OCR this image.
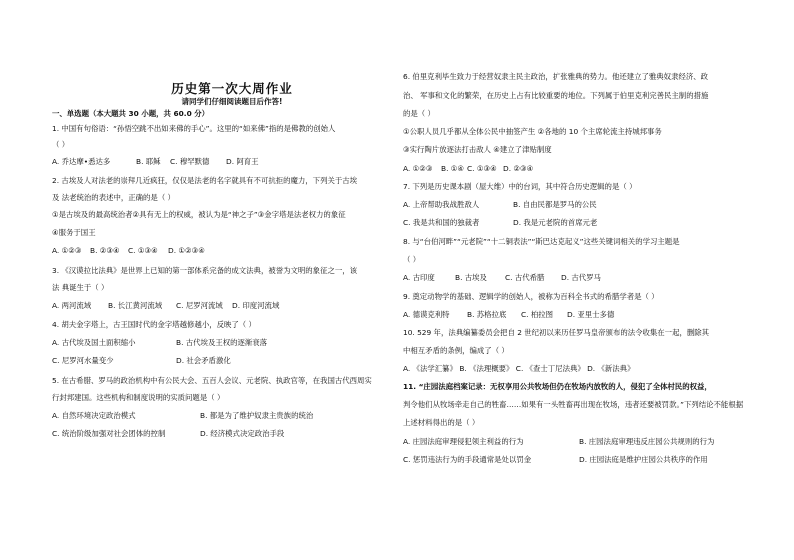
历史第一次大周作业
请同学们仔细阅读题目后作答!
一、单选题（本大题共 30 小题，共 60.0 分）
1. 中国有句俗语：“孙悟空跳不出如来佛的手心”。这里的“如来佛”指的是佛教的创始人
（ ）
A. 乔达摩•悉达多	B. 耶稣 C. 穆罕默德 D. 阿育王
2. 古埃及人对法老的崇拜几近疯狂，仅仅是法老的名字就具有不可抗拒的魔力，下列关于古埃
及 法老统治的表述中，正确的是（ ）
①是古埃及的最高统治者②具有无上的权威，被认为是“神之子”③金字塔是法老权力的象征
④服务于国王
A. ①②③ B. ②③④ C. ①③④ D. ①②③④
3. 《汉谟拉比法典》是世界上已知的第一部体系完备的成文法典，被誉为文明的象征之一，该
法 典诞生于（ ）
A. 两河流域 B. 长江黄河流域 C. 尼罗河流域 D. 印度河流域
4. 胡夫金字塔上，古王国时代的金字塔越修越小，反映了（ ）
A. 古代埃及国土面积缩小	B. 古代埃及王权的逐渐衰落
C. 尼罗河水量变少	D. 社会矛盾激化
5. 在古希腊、罗马的政治机构中有公民大会、五百人会议、元老院、执政官等，在我国古代西周实
行封邦建国。这些机构和制度说明的实质问题是（ ）
A. 自然环境决定政治模式	B. 都是为了维护奴隶主贵族的统治
C. 统治阶级加强对社会团体的控制	D. 经济模式决定政治手段
6. 伯里克利毕生致力于经营奴隶主民主政治，扩张雅典的势力。他还建立了雅典奴隶经济、政
治、 军事和文化的繁荣，在历史上占有比较重要的地位。下列属于伯里克利完善民主制的措施
的是（ ）
①公职人员几乎都从全体公民中抽签产生 ②各地的 10 个主席轮流主持城邦事务
③实行陶片放逐法打击敌人 ④建立了津贴制度
A. ①②③ B. ①④ C. ①③④ D. ②③④
7. 下列是历史课本剧（屋大维）中的台词，其中符合历史逻辑的是（ ）
A. 上帝帮助我战胜敌人	B. 自由民都是罗马的公民
C. 我是共和国的独裁者	D. 我是元老院的首席元老
8. 与“台伯河畔”“元老院”“十二铜表法”“斯巴达克起义”这些关键词相关的学习主题是
（ ）
A. 古印度	B. 古埃及 C. 古代希腊 D. 古代罗马
9. 奠定动物学的基础、逻辑学的创始人，被称为百科全书式的希腊学者是（ ）
A. 德谟克利特 B. 苏格拉底 C. 柏拉图 D. 亚里士多德
10. 529 年，法典编纂委员会把自 2 世纪初以来历任罗马皇帝颁布的法令收集在一起，删除其
中相互矛盾的条例，编成了（ ）
A. 《法学汇纂》 B. 《法理概要》 C. 《查士丁尼法典》 D. 《新法典》
11. “庄园法庭档案记录：无权享用公共牧场但仍在牧场内放牧的人，侵犯了全体村民的权益，
判令他们从牧场牵走自己的牲畜……如果有一头牲畜再出现在牧场，违者还要被罚款。”下列结论不能根据
上述材料得出的是（ ）
A. 庄园法庭审理侵犯领主利益的行为	B. 庄园法庭审理违反庄园公共规则的行为
C. 惩罚违法行为的手段通常是处以罚金	D. 庄园法庭是维护庄园公共秩序的作用
